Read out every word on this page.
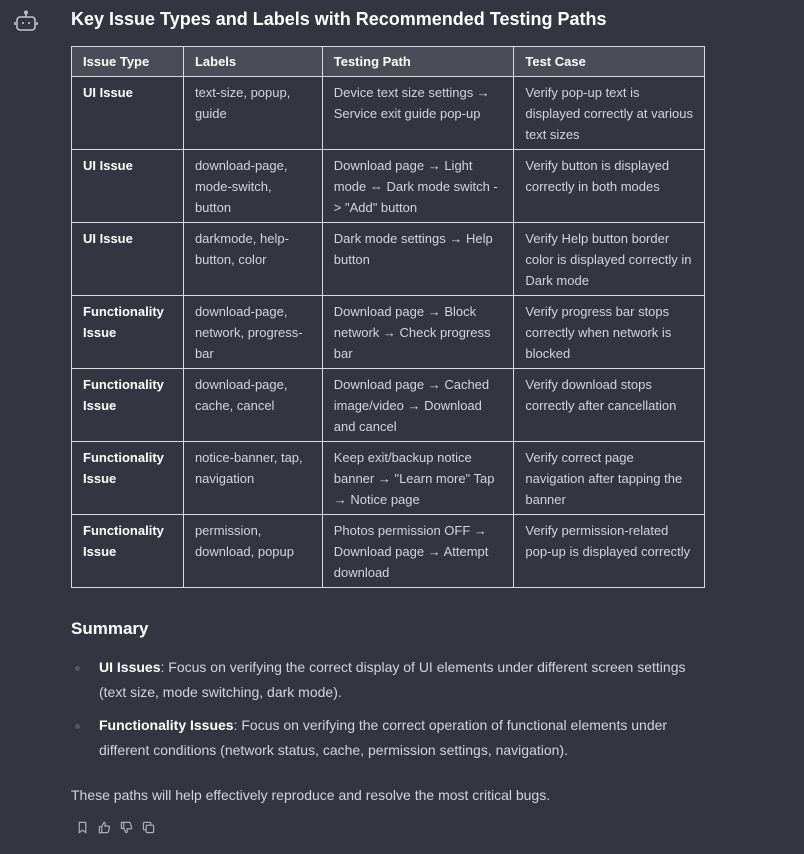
Key Issue Types and Labels with Recommended Testing Paths
Issue Type	Labels	Testing Path	Test Case
UI Issue	text-size, popup, guide	Device text size settings → Service exit guide pop-up	Verify pop-up text is displayed correctly at various text sizes
UI Issue	download-page, mode-switch, button	Download page → Light mode ⇔ Dark mode switch -> "Add" button	Verify button is displayed correctly in both modes
UI Issue	darkmode, help-button, color	Dark mode settings → Help button	Verify Help button border color is displayed correctly in Dark mode
Functionality Issue	download-page, network, progress-bar	Download page → Block network → Check progress bar	Verify progress bar stops correctly when network is blocked
Functionality Issue	download-page, cache, cancel	Download page → Cached image/video → Download and cancel	Verify download stops correctly after cancellation
Functionality Issue	notice-banner, tap, navigation	Keep exit/backup notice banner → "Learn more" Tap → Notice page	Verify correct page navigation after tapping the banner
Functionality Issue	permission, download, popup	Photos permission OFF → Download page → Attempt download	Verify permission-related pop-up is displayed correctly
Summary
UI Issues: Focus on verifying the correct display of UI elements under different screen settings (text size, mode switching, dark mode).
Functionality Issues: Focus on verifying the correct operation of functional elements under different conditions (network status, cache, permission settings, navigation).
These paths will help effectively reproduce and resolve the most critical bugs.
